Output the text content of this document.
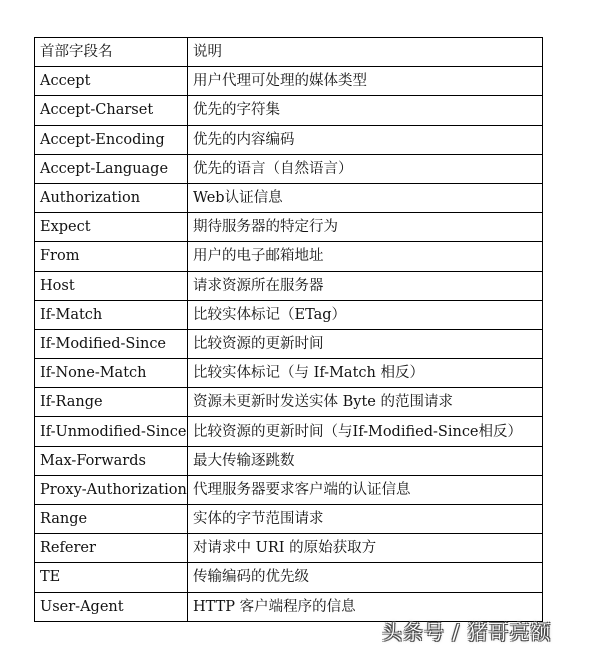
首部字段名	说明
Accept	用户代理可处理的媒体类型
Accept-Charset	优先的字符集
Accept-Encoding	优先的内容编码
Accept-Language	优先的语言（自然语言）
Authorization	Web认证信息
Expect	期待服务器的特定行为
From	用户的电子邮箱地址
Host	请求资源所在服务器
If-Match	比较实体标记（ETag）
If-Modified-Since	比较资源的更新时间
If-None-Match	比较实体标记（与 If-Match 相反）
If-Range	资源未更新时发送实体 Byte 的范围请求
If-Unmodified-Since	比较资源的更新时间（与If-Modified-Since相反）
Max-Forwards	最大传输逐跳数
Proxy-Authorization	代理服务器要求客户端的认证信息
Range	实体的字节范围请求
Referer	对请求中 URI 的原始获取方
TE	传输编码的优先级
User-Agent	HTTP 客户端程序的信息
头条号 / 猪哥亮额
